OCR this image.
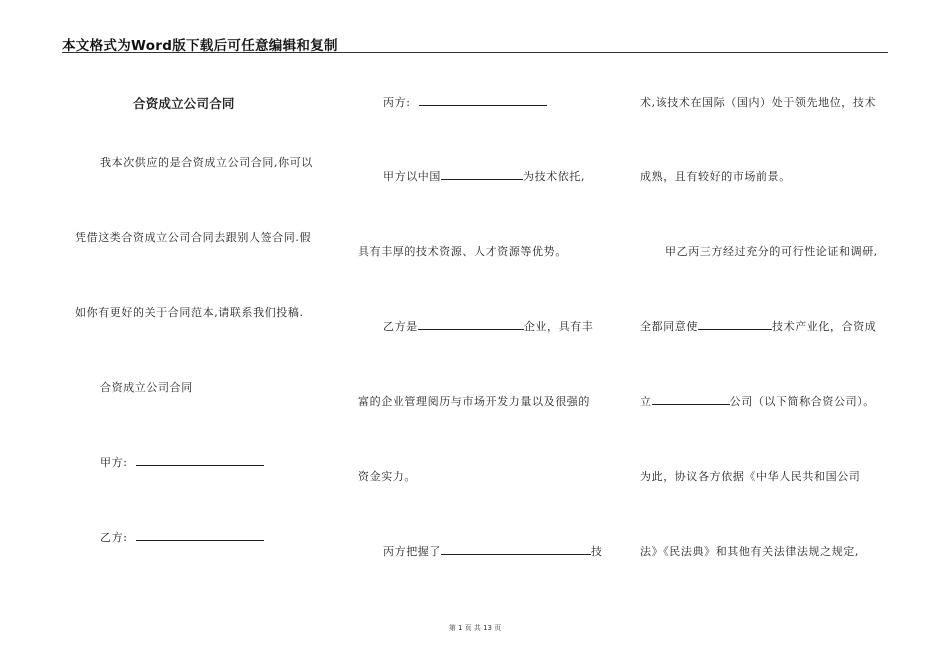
本文格式为Word版下载后可任意编辑和复制
合资成立公司合同
我本次供应的是合资成立公司合同,你可以
凭借这类合资成立公司合同去跟别人签合同.假
如你有更好的关于合同范本,请联系我们投稿.
合资成立公司合同
甲方:
乙方:
丙方:
甲方以中国	为技术依托,
具有丰厚的技术资源、人才资源等优势。
乙方是	企业，具有丰
富的企业管理阅历与市场开发力量以及很强的
资金实力。
丙方把握了	技
术,该技术在国际（国内）处于领先地位，技术
成熟，且有较好的市场前景。
甲乙丙三方经过充分的可行性论证和调研,
全都同意使	技术产业化，合资成
立	公司（以下简称合资公司）。
为此，协议各方依据《中华人民共和国公司
法》《民法典》和其他有关法律法规之规定,
第 1 页 共 13 页
